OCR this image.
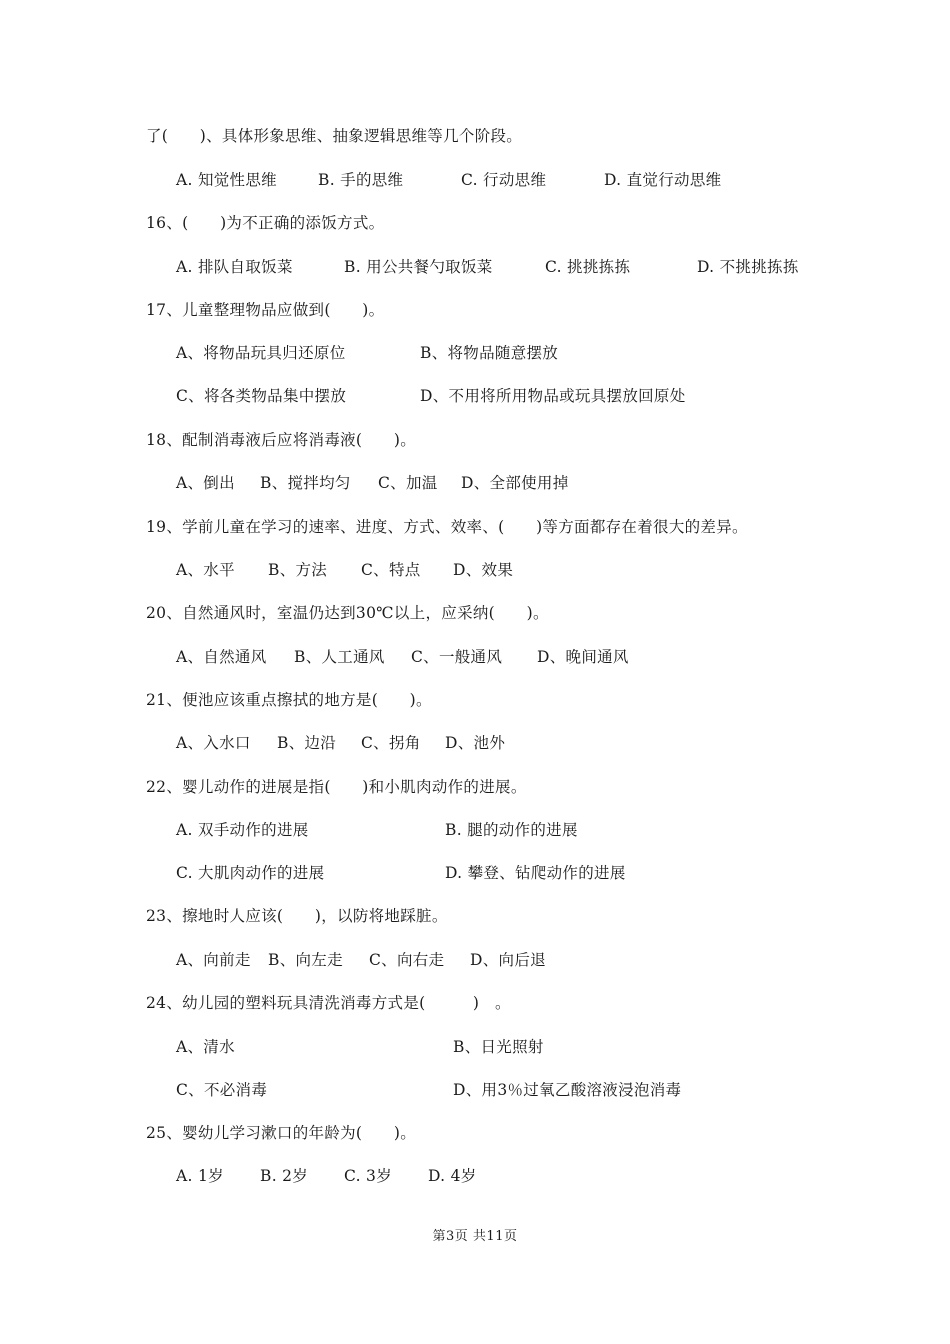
了(　　)、具体形象思维、抽象逻辑思维等几个阶段。
A. 知觉性思维	B. 手的思维	C. 行动思维	D. 直觉行动思维
16、(　　)为不正确的添饭方式。
A. 排队自取饭菜	B. 用公共餐勺取饭菜	C. 挑挑拣拣	D. 不挑挑拣拣
17、儿童整理物品应做到(　　)。
A、将物品玩具归还原位	B、将物品随意摆放
C、将各类物品集中摆放	D、不用将所用物品或玩具摆放回原处
18、配制消毒液后应将消毒液(　　)。
A、倒出 B、搅拌均匀 C、加温 D、全部使用掉
19、学前儿童在学习的速率、进度、方式、效率、(　　)等方面都存在着很大的差异。
A、水平 B、方法 C、特点 D、效果
20、自然通风时，室温仍达到30℃以上，应采纳(　　)。
A、自然通风 B、人工通风 C、一般通风 D、晚间通风
21、便池应该重点擦拭的地方是(　　)。
A、入水口 B、边沿 C、拐角 D、池外
22、婴儿动作的进展是指(　　)和小肌肉动作的进展。
A. 双手动作的进展	B. 腿的动作的进展
C. 大肌肉动作的进展	D. 攀登、钻爬动作的进展
23、擦地时人应该(　　)，以防将地踩脏。
A、向前走 B、向左走 C、向右走 D、向后退
24、幼儿园的塑料玩具清洗消毒方式是(　　　)　。
A、清水	B、日光照射
C、不必消毒	D、用3％过氧乙酸溶液浸泡消毒
25、婴幼儿学习漱口的年龄为(　　)。
A. 1岁 B. 2岁 C. 3岁 D. 4岁
第3页 共11页
